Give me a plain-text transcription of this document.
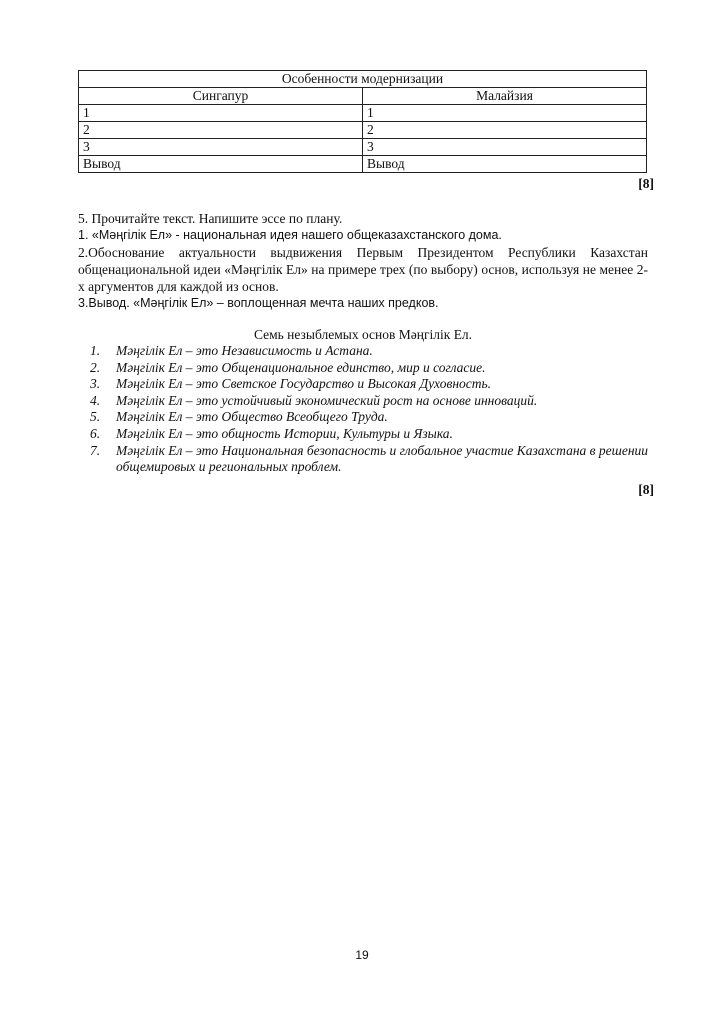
Особенности модернизации	
Сингапур	Малайзия
1	1
2	2
3	3
Вывод	Вывод
[8]

5. Прочитайте текст. Напишите эссе по плану.

1. «Мәңгілік Ел» - национальная идея нашего общеказахстанского дома.

2.Обоснование актуальности выдвижения Первым Президентом Республики Казахстан общенациональной идеи «Мәңгілік Ел» на примере трех (по выбору) основ, используя не менее 2-х аргументов для каждой из основ.

3.Вывод. «Мәңгілік Ел» – воплощенная мечта наших предков.

Семь незыблемых основ Мәңгілік Ел.
1.	Мәңгілік Ел – это Независимость и Астана.
2.	Мәңгілік Ел – это Общенациональное единство, мир и согласие.
3.	Мәңгілік Ел – это Светское Государство и Высокая Духовность.
4.	Мәңгілік Ел – это устойчивый экономический рост на основе инноваций.
5.	Мәңгілік Ел – это Общество Всеобщего Труда.
6.	Мәңгілік Ел – это общность Истории, Культуры и Языка.
7.	Мәңгілік Ел – это Национальная безопасность и глобальное участие Казахстана в решении общемировых и региональных проблем.
[8]
19
